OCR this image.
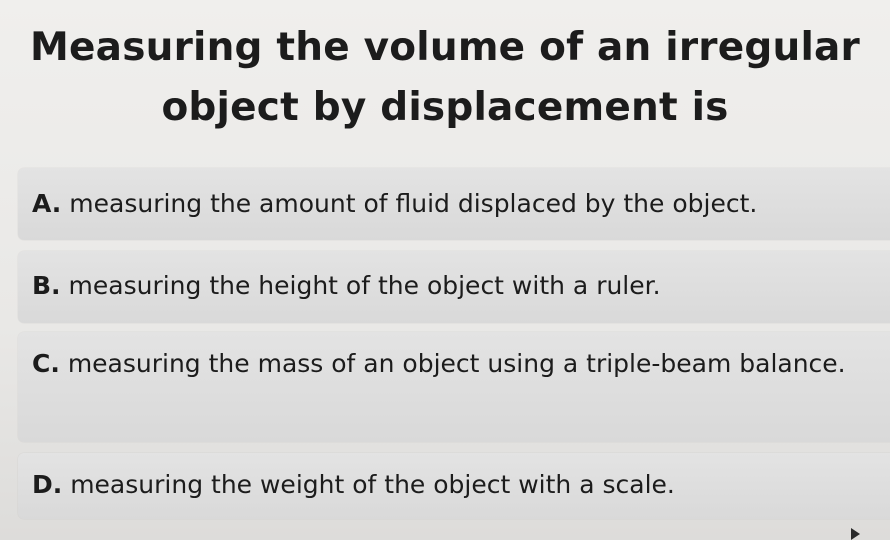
Measuring the volume of an irregular object by displacement is
A. measuring the amount of fluid displaced by the object.
B. measuring the height of the object with a ruler.
C. measuring the mass of an object using a triple-beam balance.
D. measuring the weight of the object with a scale.
